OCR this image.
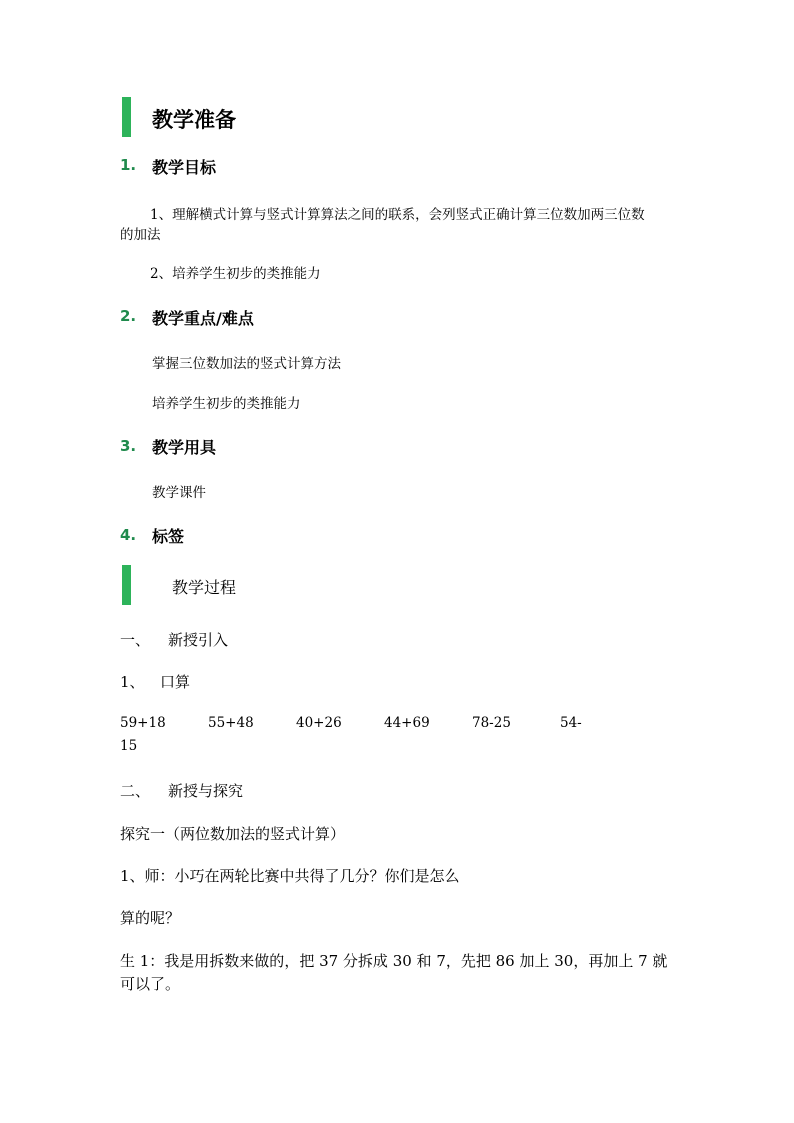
教学准备
1. 教学目标
1、理解横式计算与竖式计算算法之间的联系，会列竖式正确计算三位数加两三位数
的加法
2、培养学生初步的类推能力
2. 教学重点/难点
掌握三位数加法的竖式计算方法
培养学生初步的类推能力
3. 教学用具
教学课件
4. 标签
教学过程
一、 新授引入
1、 口算
59+18	55+48	40+26	44+69	78-25	54-
15
二、 新授与探究
探究一（两位数加法的竖式计算）
1、师：小巧在两轮比赛中共得了几分？你们是怎么
算的呢？
生 1：我是用拆数来做的，把 37 分拆成 30 和 7，先把 86 加上 30，再加上 7 就
可以了。
